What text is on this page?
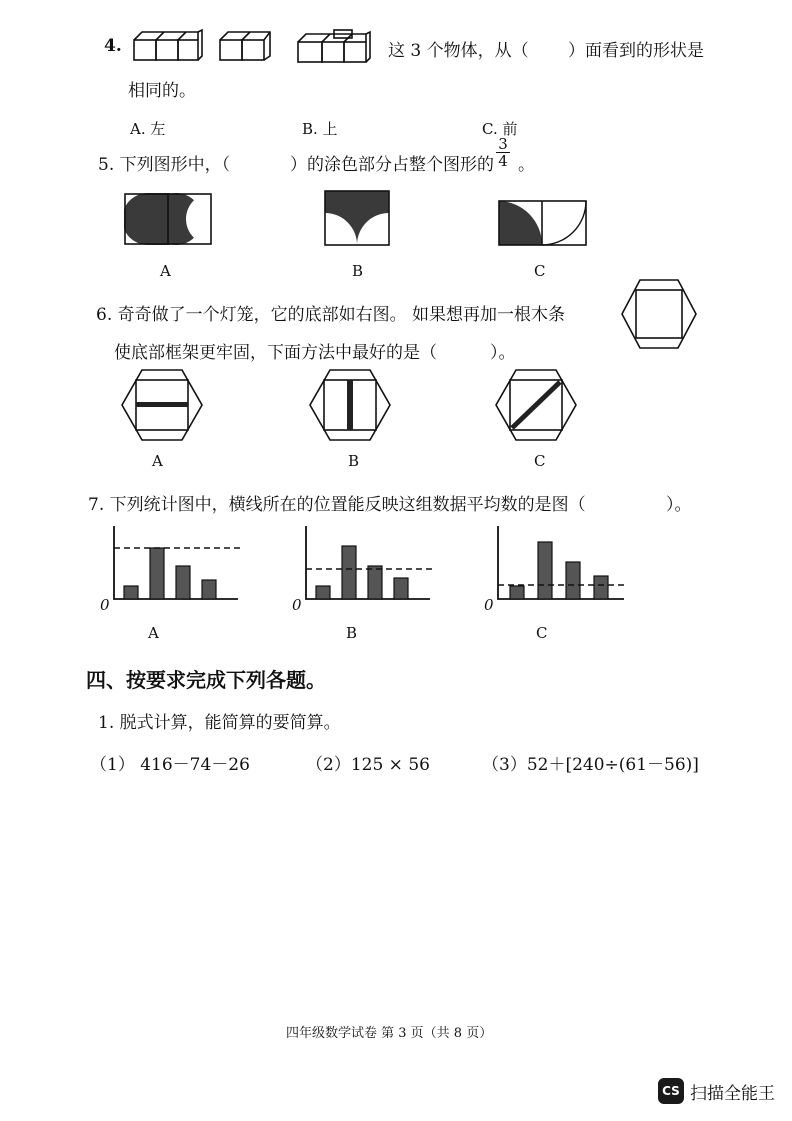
4.	这 3 个物体，从（ ）面看到的形状是
相同的。
A. 左	B. 上	C. 前
5. 下列图形中，（	）的涂色部分占整个图形的 $\frac{3}{4}$ 。
A	B	C
6. 奇奇做了一个灯笼，它的底部如右图。 如果想再加一根木条
使底部框架更牢固，下面方法中最好的是（	）。
A	B	C
7. 下列统计图中，横线所在的位置能反映这组数据平均数的是图（	）。
0	0	0
A	B	C
四、按要求完成下列各题。
1. 脱式计算，能简算的要简算。
（1） 416－74－26	（2）125 × 56	（3）52＋[240÷(61－56)]
四年级数学试卷 第 3 页（共 8 页）
CS 扫描全能王
